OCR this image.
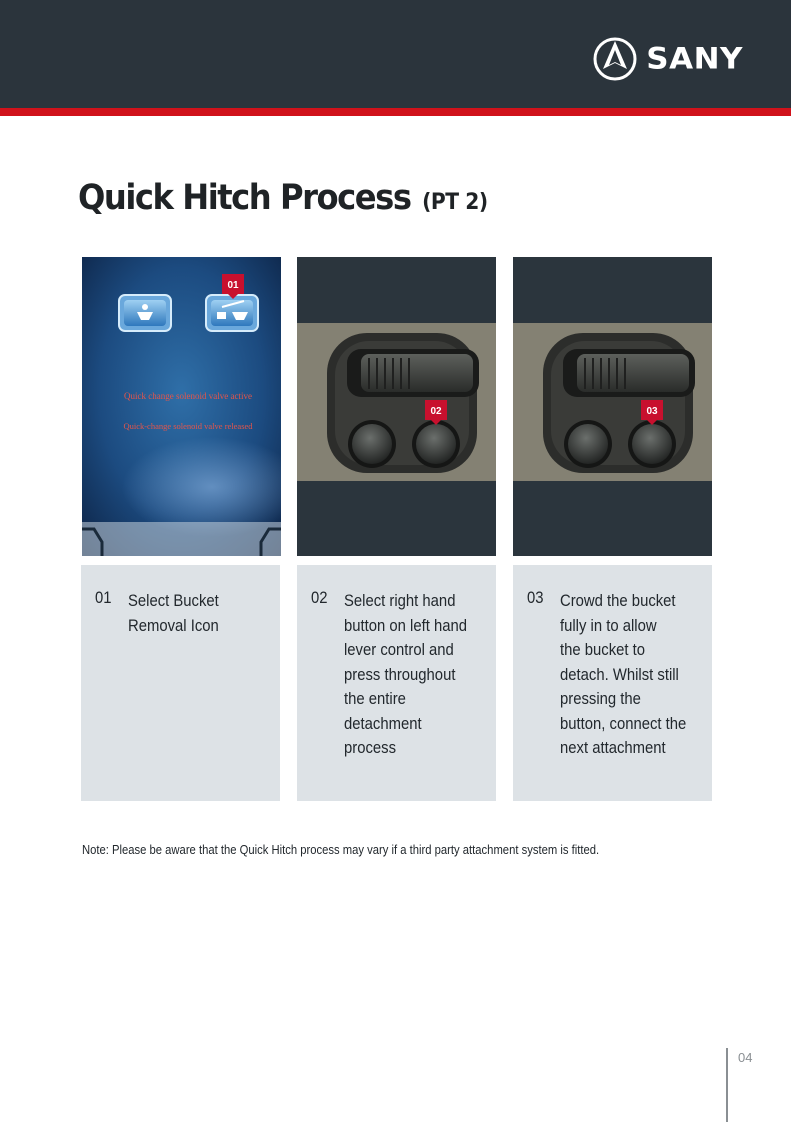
SANY
Quick Hitch Process (PT 2)
01
Quick change solenoid valve active
Quick-change solenoid valve released
02	03
01 Select Bucket
Removal Icon
02 Select right hand
button on left hand
lever control and
press throughout
the entire
detachment
process
03 Crowd the bucket
fully in to allow
the bucket to
detach. Whilst still
pressing the
button, connect the
next attachment
Note: Please be aware that the Quick Hitch process may vary if a third party attachment system is fitted.
04
